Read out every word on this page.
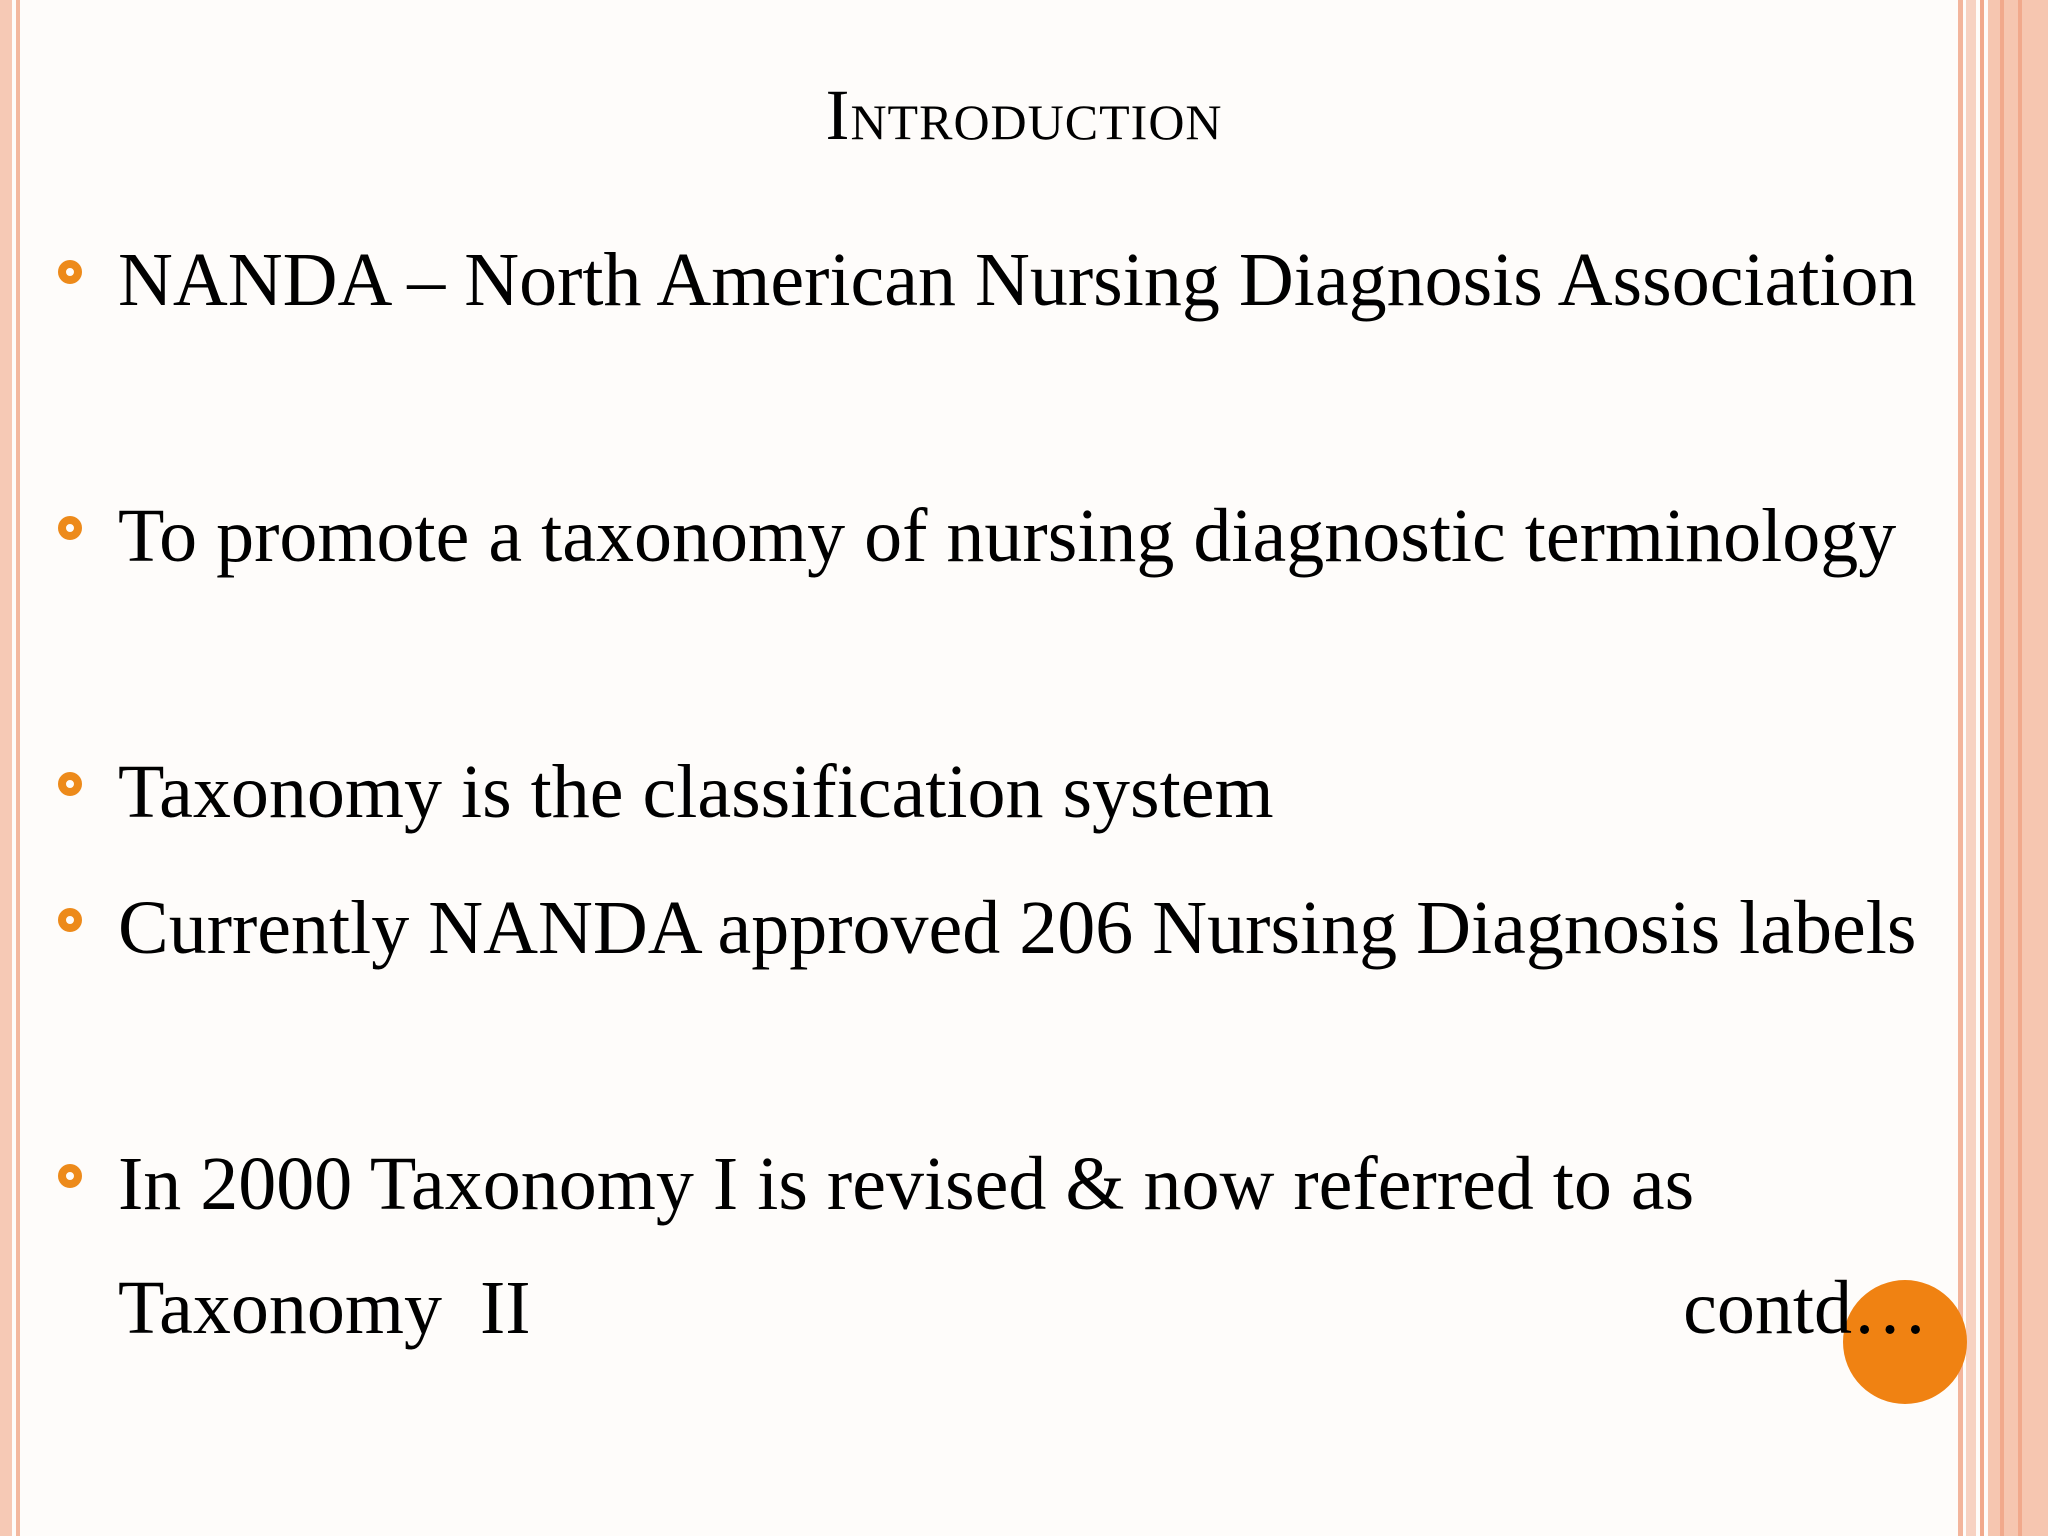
Introduction
NANDA – North American Nursing Diagnosis Association
To promote a taxonomy of nursing diagnostic terminology
Taxonomy is the classification system
Currently NANDA approved 206 Nursing Diagnosis labels
In 2000 Taxonomy I is revised & now referred to as
Taxonomy  II	contd…
